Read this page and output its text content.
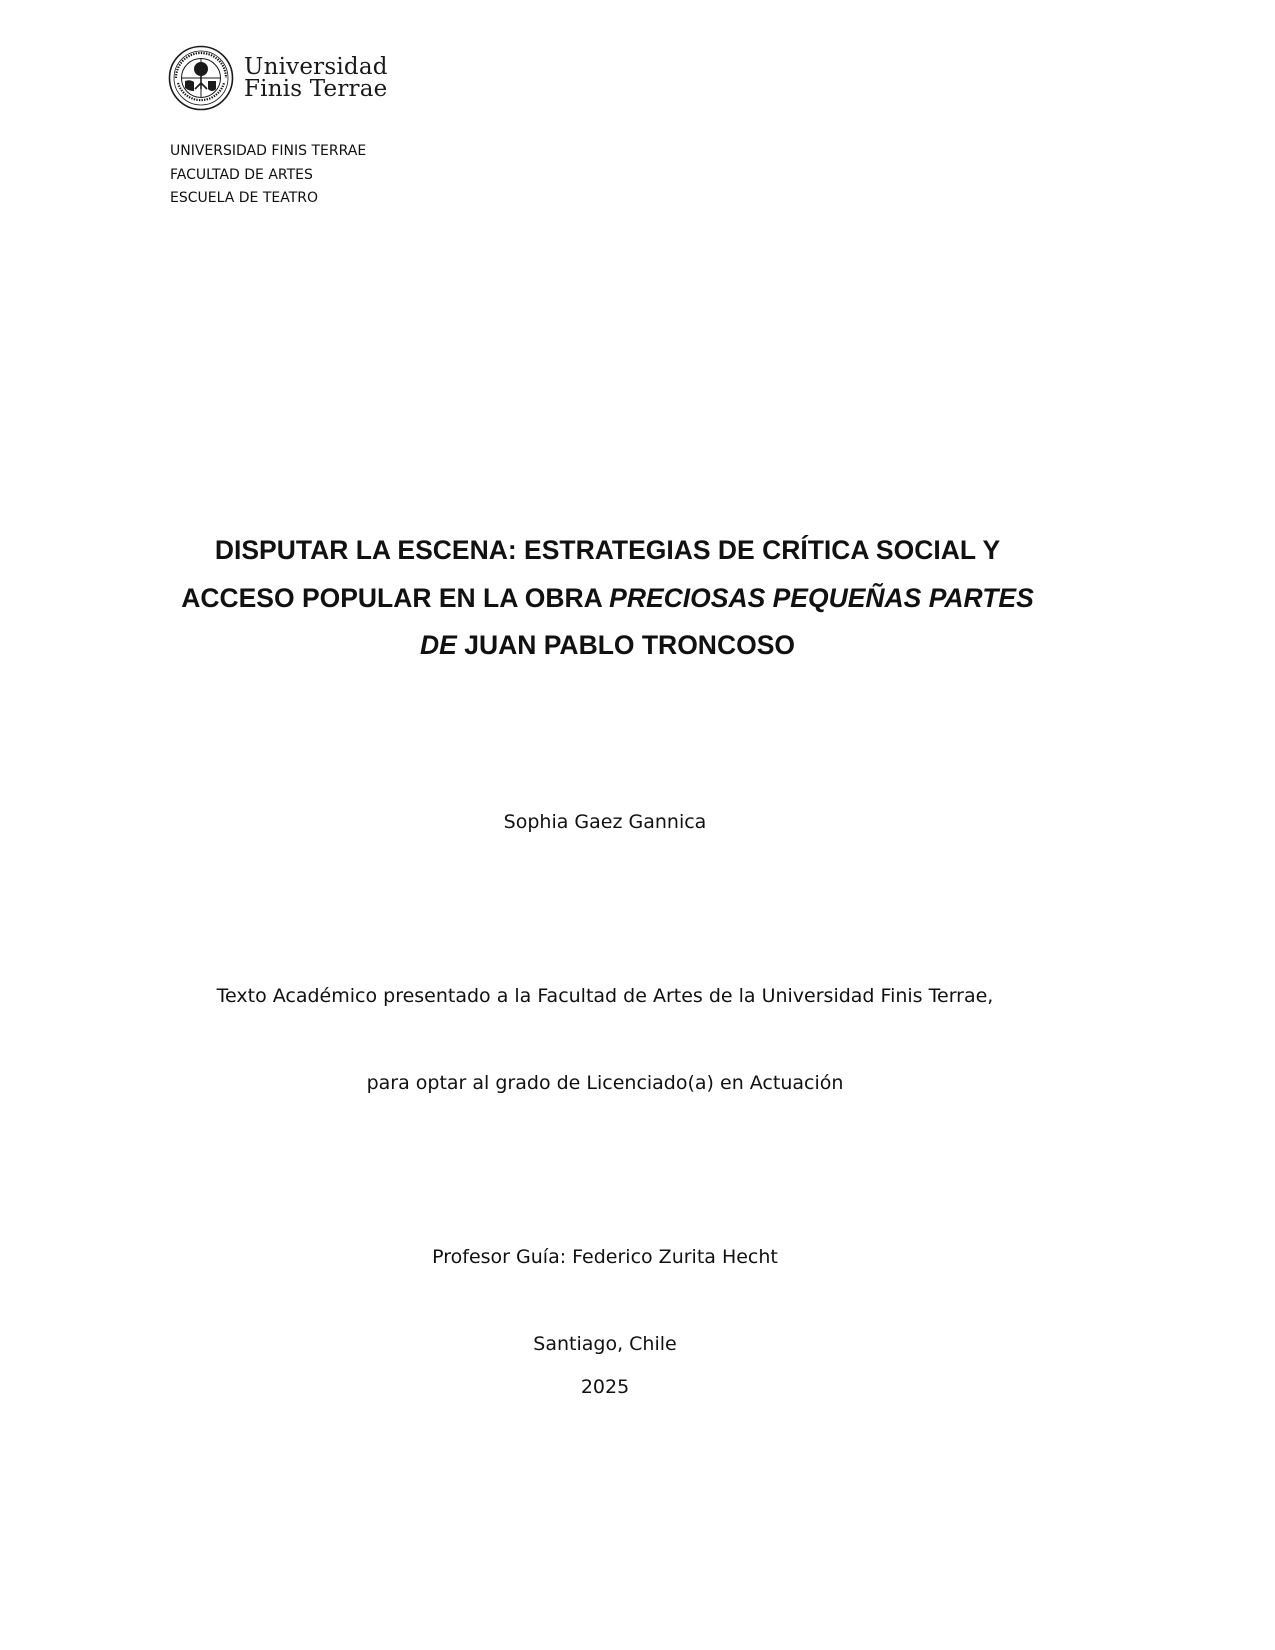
Universidad
Finis Terrae
UNIVERSIDAD FINIS TERRAE
FACULTAD DE ARTES
ESCUELA DE TEATRO
DISPUTAR LA ESCENA: ESTRATEGIAS DE CRÍTICA SOCIAL Y ACCESO POPULAR EN LA OBRA PRECIOSAS PEQUEÑAS PARTES DE JUAN PABLO TRONCOSO
Sophia Gaez Gannica
Texto Académico presentado a la Facultad de Artes de la Universidad Finis Terrae,
para optar al grado de Licenciado(a) en Actuación
Profesor Guía: Federico Zurita Hecht
Santiago, Chile
2025
